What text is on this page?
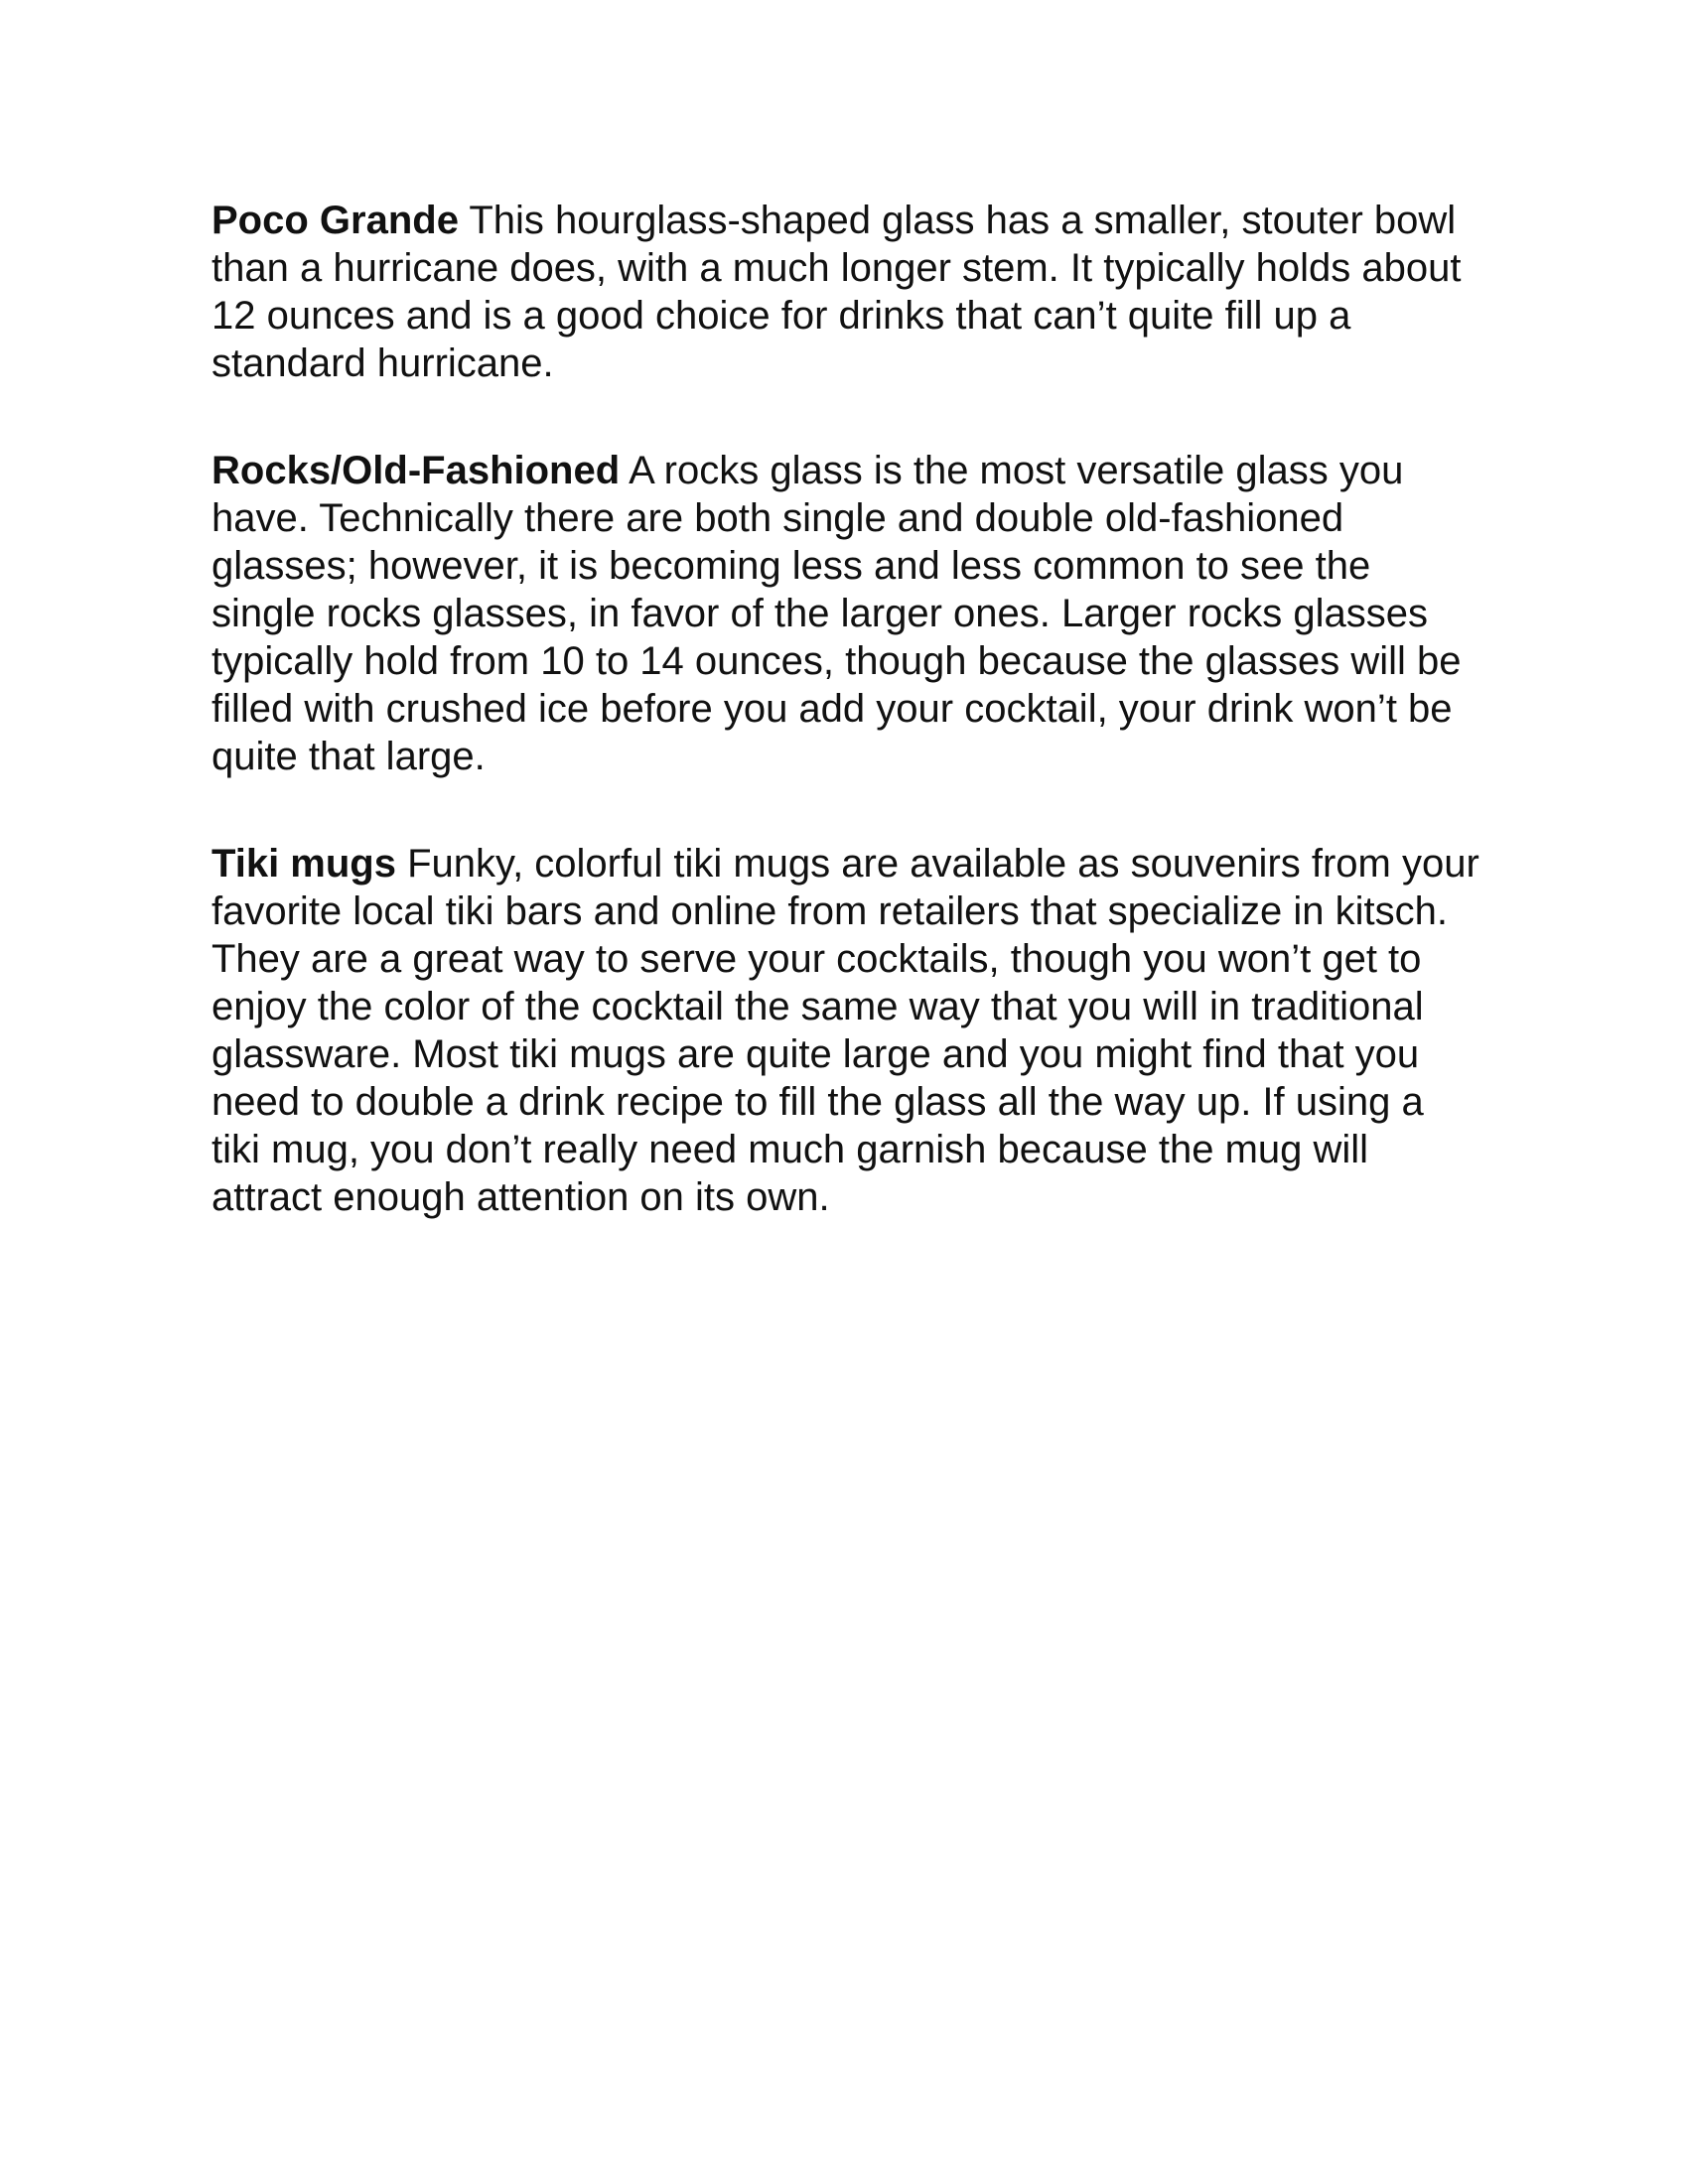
Poco Grande This hourglass-shaped glass has a smaller, stouter bowl than a hurricane does, with a much longer stem. It typically holds about 12 ounces and is a good choice for drinks that can’t quite fill up a standard hurricane.

Rocks/Old-Fashioned A rocks glass is the most versatile glass you have. Technically there are both single and double old-fashioned glasses; however, it is becoming less and less common to see the single rocks glasses, in favor of the larger ones. Larger rocks glasses typically hold from 10 to 14 ounces, though because the glasses will be filled with crushed ice before you add your cocktail, your drink won’t be quite that large.

Tiki mugs Funky, colorful tiki mugs are available as souvenirs from your favorite local tiki bars and online from retailers that specialize in kitsch. They are a great way to serve your cocktails, though you won’t get to enjoy the color of the cocktail the same way that you will in traditional glassware. Most tiki mugs are quite large and you might find that you need to double a drink recipe to fill the glass all the way up. If using a tiki mug, you don’t really need much garnish because the mug will attract enough attention on its own.
